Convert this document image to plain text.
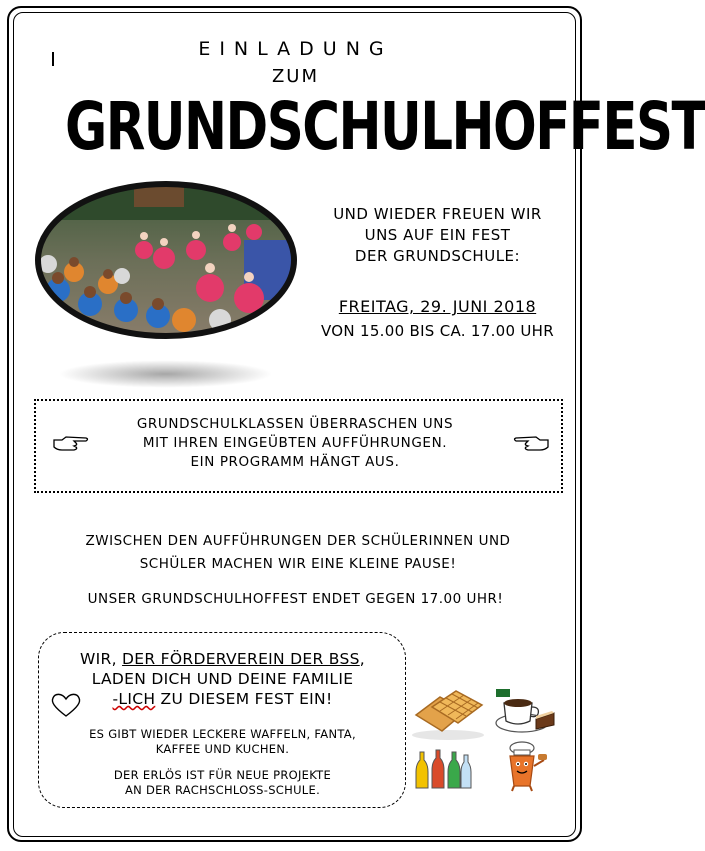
EINLADUNG
ZUM
GRUNDSCHULHOFFEST
UND WIEDER FREUEN WIR
UNS AUF EIN FEST
DER GRUNDSCHULE:
FREITAG, 29. JUNI 2018
VON 15.00 BIS CA. 17.00 UHR
GRUNDSCHULKLASSEN ÜBERRASCHEN UNS
MIT IHREN EINGEÜBTEN AUFFÜHRUNGEN.
EIN PROGRAMM HÄNGT AUS.
ZWISCHEN DEN AUFFÜHRUNGEN DER SCHÜLERINNEN UND
SCHÜLER MACHEN WIR EINE KLEINE PAUSE!
UNSER GRUNDSCHULHOFFEST ENDET GEGEN 17.00 UHR!
WIR, DER FÖRDERVEREIN DER BSS,
LADEN DICH UND DEINE FAMILIE
-LICH ZU DIESEM FEST EIN!
ES GIBT WIEDER LECKERE WAFFELN, FANTA,
KAFFEE UND KUCHEN.
DER ERLÖS IST FÜR NEUE PROJEKTE
AN DER RACHSCHLOSS-SCHULE.
